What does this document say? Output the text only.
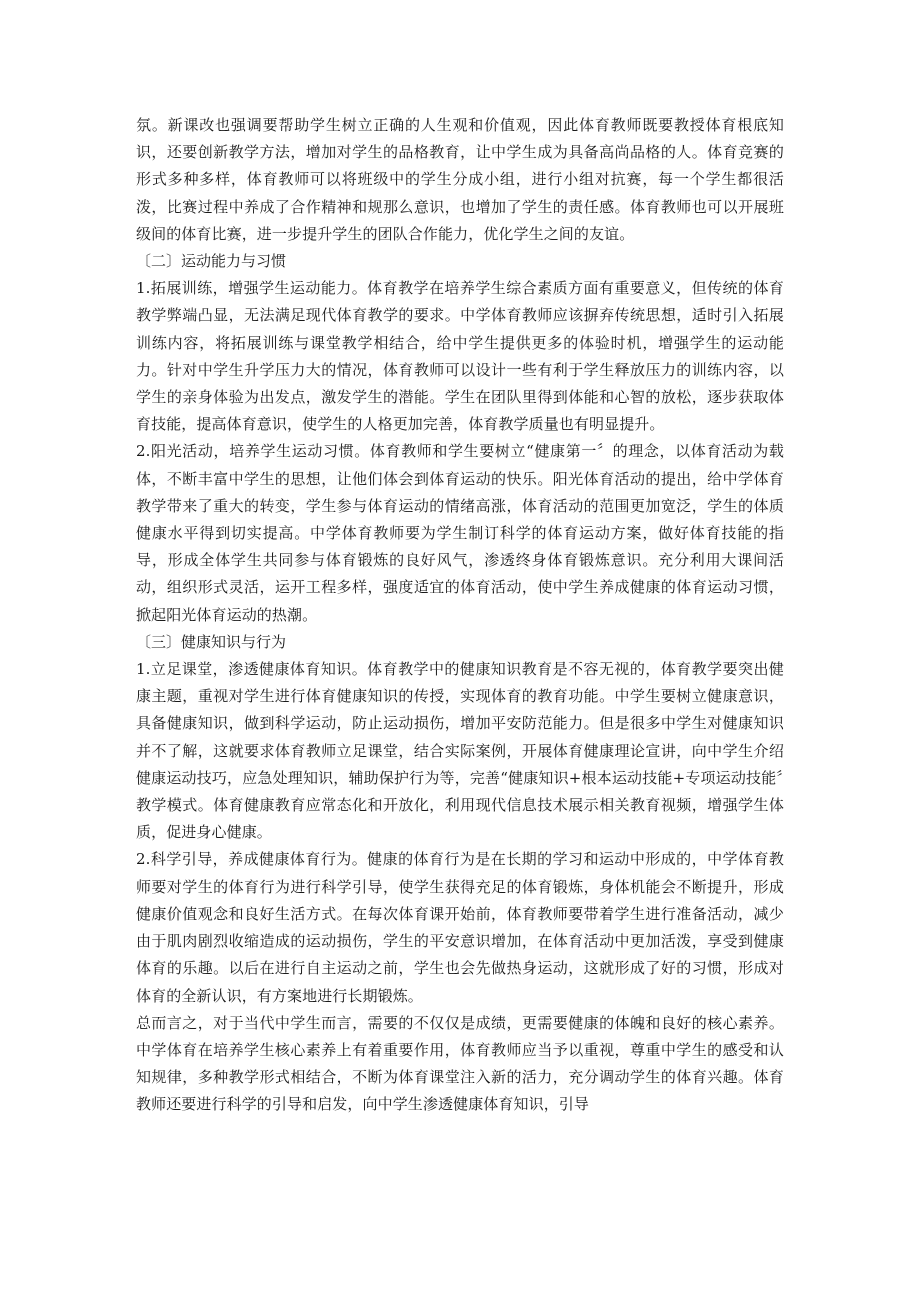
氛。新课改也强调要帮助学生树立正确的人生观和价值观，因此体育教师既要教授体育根底知识，还要创新教学方法，增加对学生的品格教育，让中学生成为具备高尚品格的人。体育竞赛的形式多种多样，体育教师可以将班级中的学生分成小组，进行小组对抗赛，每一个学生都很活泼，比赛过程中养成了合作精神和规那么意识，也增加了学生的责任感。体育教师也可以开展班级间的体育比赛，进一步提升学生的团队合作能力，优化学生之间的友谊。

〔二〕运动能力与习惯

1.拓展训练，增强学生运动能力。体育教学在培养学生综合素质方面有重要意义，但传统的体育教学弊端凸显，无法满足现代体育教学的要求。中学体育教师应该摒弃传统思想，适时引入拓展训练内容，将拓展训练与课堂教学相结合，给中学生提供更多的体验时机，增强学生的运动能力。针对中学生升学压力大的情况，体育教师可以设计一些有利于学生释放压力的训练内容，以学生的亲身体验为出发点，激发学生的潜能。学生在团队里得到体能和心智的放松，逐步获取体育技能，提高体育意识，使学生的人格更加完善，体育教学质量也有明显提升。

2.阳光活动，培养学生运动习惯。体育教师和学生要树立“健康第一〞的理念，以体育活动为载体，不断丰富中学生的思想，让他们体会到体育运动的快乐。阳光体育活动的提出，给中学体育教学带来了重大的转变，学生参与体育运动的情绪高涨，体育活动的范围更加宽泛，学生的体质健康水平得到切实提高。中学体育教师要为学生制订科学的体育运动方案，做好体育技能的指导，形成全体学生共同参与体育锻炼的良好风气，渗透终身体育锻炼意识。充分利用大课间活动，组织形式灵活，运开工程多样，强度适宜的体育活动，使中学生养成健康的体育运动习惯，掀起阳光体育运动的热潮。

〔三〕健康知识与行为

1.立足课堂，渗透健康体育知识。体育教学中的健康知识教育是不容无视的，体育教学要突出健康主题，重视对学生进行体育健康知识的传授，实现体育的教育功能。中学生要树立健康意识，具备健康知识，做到科学运动，防止运动损伤，增加平安防范能力。但是很多中学生对健康知识并不了解，这就要求体育教师立足课堂，结合实际案例，开展体育健康理论宣讲，向中学生介绍健康运动技巧，应急处理知识，辅助保护行为等，完善“健康知识+根本运动技能+专项运动技能〞教学模式。体育健康教育应常态化和开放化，利用现代信息技术展示相关教育视频，增强学生体质，促进身心健康。

2.科学引导，养成健康体育行为。健康的体育行为是在长期的学习和运动中形成的，中学体育教师要对学生的体育行为进行科学引导，使学生获得充足的体育锻炼，身体机能会不断提升，形成健康价值观念和良好生活方式。在每次体育课开始前，体育教师要带着学生进行准备活动，减少由于肌肉剧烈收缩造成的运动损伤，学生的平安意识增加，在体育活动中更加活泼，享受到健康体育的乐趣。以后在进行自主运动之前，学生也会先做热身运动，这就形成了好的习惯，形成对体育的全新认识，有方案地进行长期锻炼。

总而言之，对于当代中学生而言，需要的不仅仅是成绩，更需要健康的体魄和良好的核心素养。中学体育在培养学生核心素养上有着重要作用，体育教师应当予以重视，尊重中学生的感受和认知规律，多种教学形式相结合，不断为体育课堂注入新的活力，充分调动学生的体育兴趣。体育教师还要进行科学的引导和启发，向中学生渗透健康体育知识，引导
